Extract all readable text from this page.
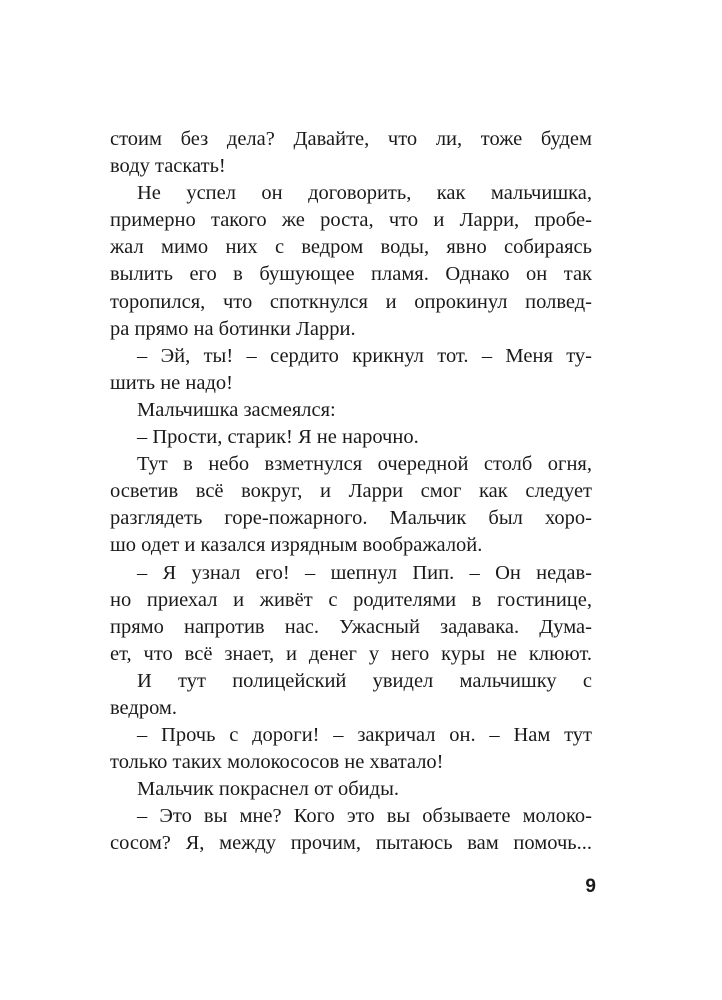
стоим без дела? Давайте, что ли, тоже будем
воду таскать!
Не успел он договорить, как мальчишка,
примерно такого же роста, что и Ларри, пробе-
жал мимо них с ведром воды, явно собираясь
вылить его в бушующее пламя. Однако он так
торопился, что споткнулся и опрокинул полвед-
ра прямо на ботинки Ларри.
– Эй, ты! – сердито крикнул тот. – Меня ту-
шить не надо!
Мальчишка засмеялся:
– Прости, старик! Я не нарочно.
Тут в небо взметнулся очередной столб огня,
осветив всё вокруг, и Ларри смог как следует
разглядеть горе-пожарного. Мальчик был хоро-
шо одет и казался изрядным воображалой.
– Я узнал его! – шепнул Пип. – Он недав-
но приехал и живёт с родителями в гостинице,
прямо напротив нас. Ужасный задавака. Дума-
ет, что всё знает, и денег у него куры не клюют.
И тут полицейский увидел мальчишку с
ведром.
– Прочь с дороги! – закричал он. – Нам тут
только таких молокососов не хватало!
Мальчик покраснел от обиды.
– Это вы мне? Кого это вы обзываете молоко-
сосом? Я, между прочим, пытаюсь вам помочь...
9
